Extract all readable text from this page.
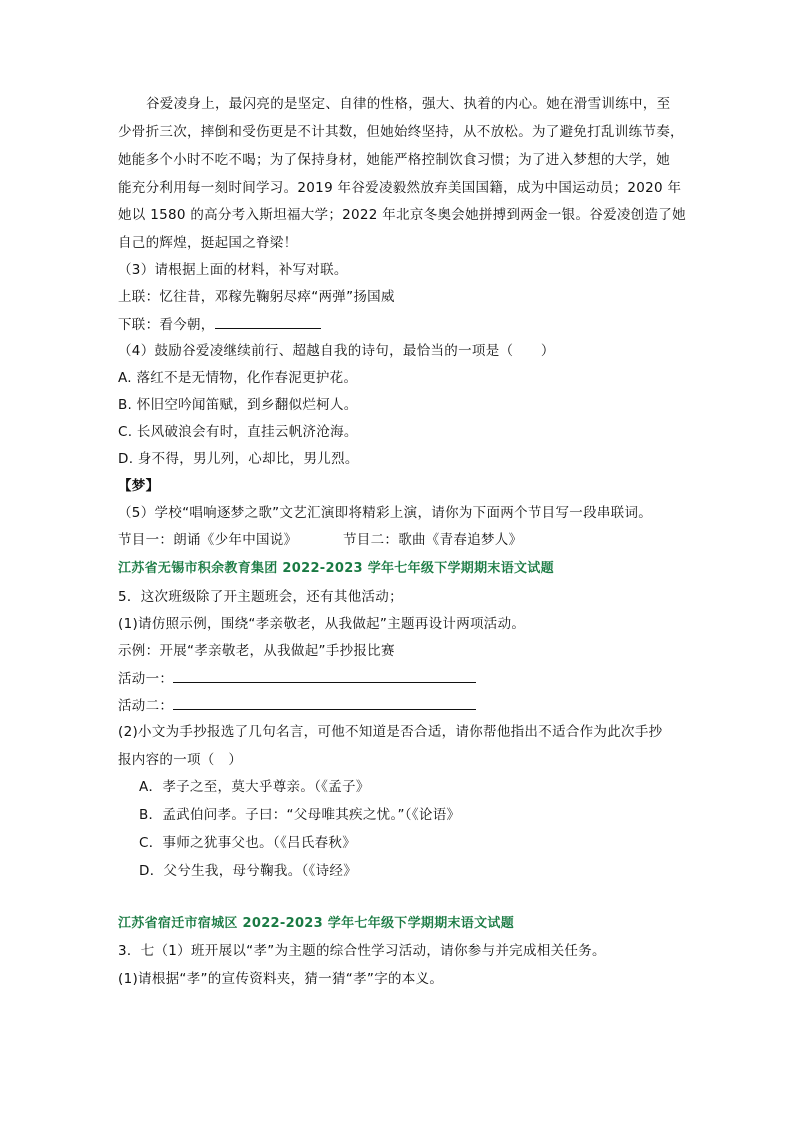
谷爱凌身上，最闪亮的是坚定、自律的性格，强大、执着的内心。她在滑雪训练中，至
少骨折三次，摔倒和受伤更是不计其数，但她始终坚持，从不放松。为了避免打乱训练节奏，
她能多个小时不吃不喝；为了保持身材，她能严格控制饮食习惯；为了进入梦想的大学，她
能充分利用每一刻时间学习。2019 年谷爱凌毅然放弃美国国籍，成为中国运动员；2020 年
她以 1580 的高分考入斯坦福大学；2022 年北京冬奥会她拼搏到两金一银。谷爱凌创造了她
自己的辉煌，挺起国之脊梁！
（3）请根据上面的材料，补写对联。
上联：忆往昔，邓稼先鞠躬尽瘁“两弹”扬国威
下联：看今朝，
（4）鼓励谷爱凌继续前行、超越自我的诗句，最恰当的一项是（　　）
A. 落红不是无情物，化作春泥更护花。
B. 怀旧空吟闻笛赋，到乡翻似烂柯人。
C. 长风破浪会有时，直挂云帆济沧海。
D. 身不得，男儿列，心却比，男儿烈。
【梦】
（5）学校“唱响逐梦之歌”文艺汇演即将精彩上演，请你为下面两个节目写一段串联词。
节目一：朗诵《少年中国说》	节目二：歌曲《青春追梦人》
江苏省无锡市积余教育集团 2022-2023 学年七年级下学期期末语文试题
5．这次班级除了开主题班会，还有其他活动；
(1)请仿照示例，围绕“孝亲敬老，从我做起”主题再设计两项活动。
示例：开展“孝亲敬老，从我做起”手抄报比赛
活动一：
活动二：
(2)小文为手抄报选了几句名言，可他不知道是否合适，请你帮他指出不适合作为此次手抄
报内容的一项（　）
A．孝子之至，莫大乎尊亲。（《孟子》
B．孟武伯问孝。子曰：“父母唯其疾之忧。”（《论语》
C．事师之犹事父也。（《吕氏春秋》
D．父兮生我，母兮鞠我。（《诗经》
江苏省宿迁市宿城区 2022-2023 学年七年级下学期期末语文试题
3．七（1）班开展以“孝”为主题的综合性学习活动，请你参与并完成相关任务。
(1)请根据“孝”的宣传资料夹，猜一猜“孝”字的本义。
